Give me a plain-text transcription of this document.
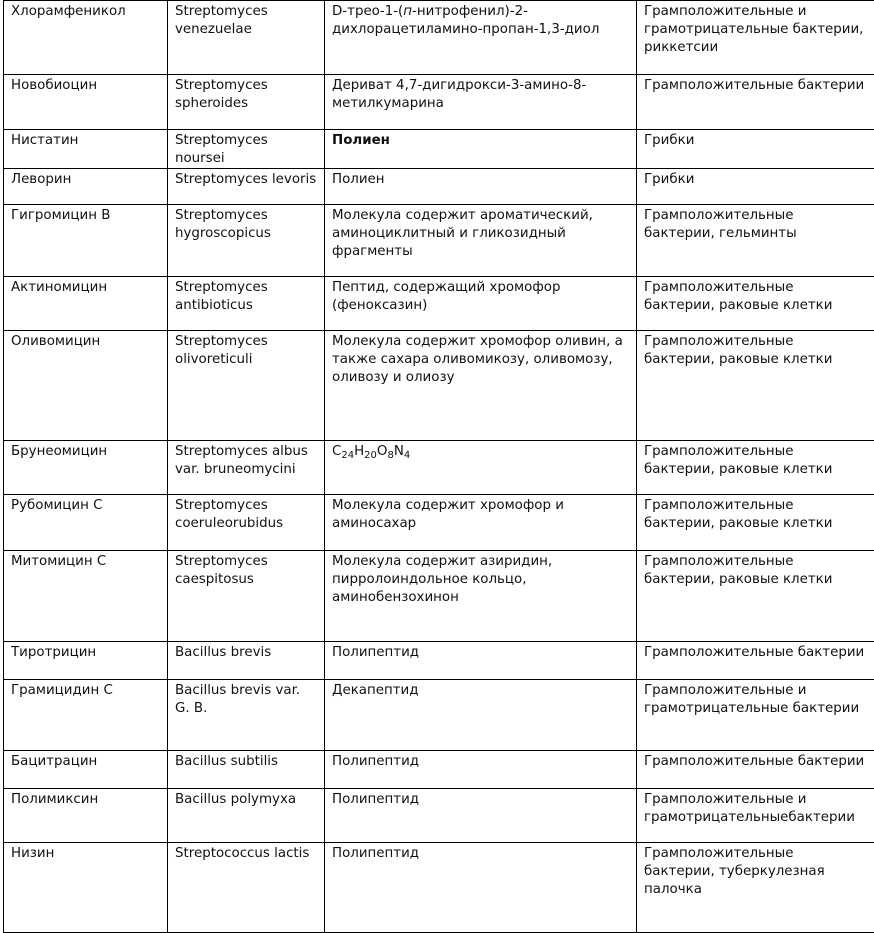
Хлорамфеникол	Streptomyces venezuelae	D-трео-1-(п-нитрофенил)-2-дихлорацетиламино-пропан-1,3-диол	Грамположительные и грамотрицательные бактерии, риккетсии
Новобиоцин	Streptomyces spheroides	Дериват 4,7-дигидрокси-3-амино-8-метилкумарина	Грамположительные бактерии
Нистатин	Streptomyces noursei	Полиен	Грибки
Леворин	Streptomyces levoris	Полиен	Грибки
Гигромицин В	Streptomyces hygroscopicus	Молекула содержит ароматический, аминоциклитный и гликозидный фрагменты	Грамположительные бактерии, гельминты
Актиномицин	Streptomyces antibioticus	Пептид, содержащий хромофор (феноксазин)	Грамположительные бактерии, раковые клетки
Оливомицин	Streptomyces olivoreticuli	Молекула содержит хромофор оливин, а также сахара оливомикозу, оливомозу, оливозу и олиозу	Грамположительные бактерии, раковые клетки
Брунеомицин	Streptomyces albus var. bruneomycini	$C_{24}H_{20}O_8N_4$	Грамположительные бактерии, раковые клетки
Рубомицин С	Streptomyces coeruleorubidus	Молекула содержит хромофор и аминосахар	Грамположительные бактерии, раковые клетки
Митомицин С	Streptomyces caespitosus	Молекула содержит азиридин, пирролоиндольное кольцо, аминобензохинон	Грамположительные бактерии, раковые клетки
Тиротрицин	Bacillus brevis	Полипептид	Грамположительные бактерии
Грамицидин С	Bacillus brevis var. G. B.	Декапептид	Грамположительные и грамотрицательные бактерии
Бацитрацин	Bacillus subtilis	Полипептид	Грамположительные бактерии
Полимиксин	Bacillus polymyxa	Полипептид	Грамположительные и грамотрицательныебактерии
Низин	Streptococcus lactis	Полипептид	Грамположительные бактерии, туберкулезная палочка
